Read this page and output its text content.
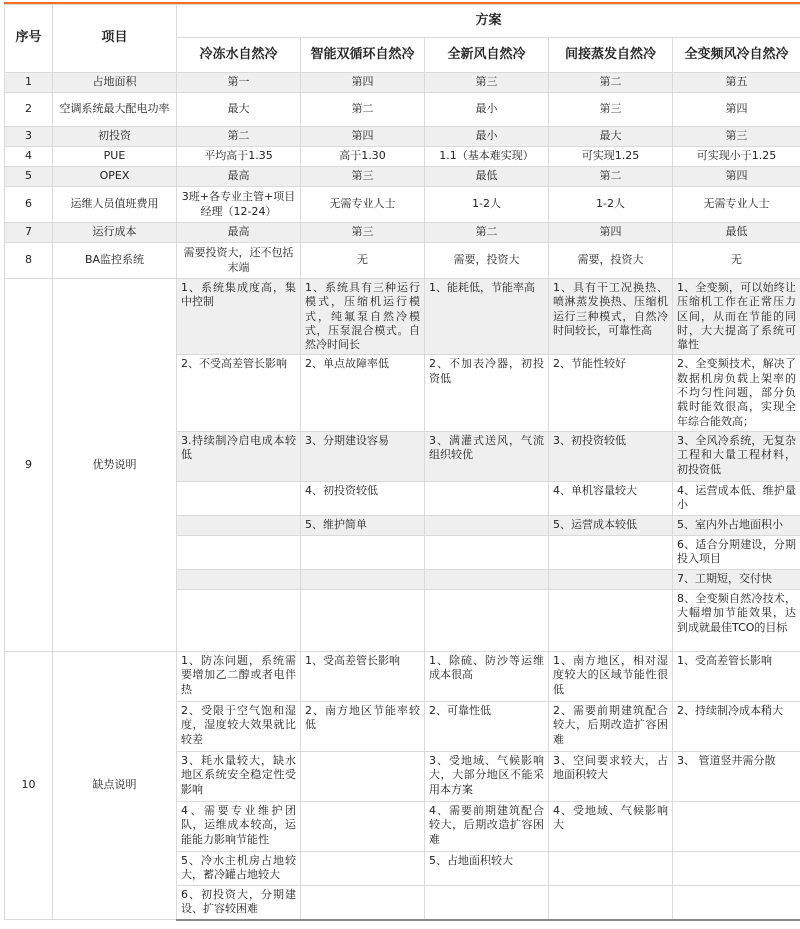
序号	项目	方案				
		冷冻水自然冷	智能双循环自然冷	全新风自然冷	间接蒸发自然冷	全变频风冷自然冷
1	占地面积	第一	第四	第三	第二	第五
2	空调系统最大配电功率	最大	第二	最小	第三	第四
3	初投资	第二	第四	最小	最大	第三
4	PUE	平均高于1.35	高于1.30	1.1（基本难实现）	可实现1.25	可实现小于1.25
5	OPEX	最高	第三	最低	第二	第四
6	运维人员值班费用	3班+各专业主管+项目经理（12-24）	无需专业人士	1-2人	1-2人	无需专业人士
7	运行成本	最高	第三	第二	第四	最低
8	BA监控系统	需要投资大，还不包括末端	无	需要，投资大	需要，投资大	无
9	优势说明	1、系统集成度高，集中控制	1、系统具有三种运行模式，压缩机运行模式，纯氟泵自然冷模式，压泵混合模式。自然冷时间长	1、能耗低，节能率高	1、具有干工况换热、喷淋蒸发换热、压缩机运行三种模式，自然冷时间较长，可靠性高	1、全变频，可以始终让压缩机工作在正常压力区间，从而在节能的同时，大大提高了系统可靠性
		2、不受高差管长影响	2、单点故障率低	2、不加表冷器，初投资低	2、节能性较好	2、全变频技术，解决了数据机房负载上架率的不均匀性问题，部分负载时能效很高，实现全年综合能效高；
		3.持续制冷启电成本较低	3、分期建设容易	3、满灌式送风，气流组织较优	3、初投资较低	3、全风冷系统，无复杂工程和大量工程材料，初投资低
			4、初投资较低		4、单机容量较大	4、运营成本低、维护量小
			5、维护简单		5、运营成本较低	5、室内外占地面积小
						6、适合分期建设，分期投入项目
						7、工期短，交付快
						8、全变频自然冷技术，大幅增加节能效果，达到成就最佳TCO的目标
10	缺点说明	1、防冻问题，系统需要增加乙二醇或者电伴热	1、受高差管长影响	1、除硫、防沙等运维成本很高	1、南方地区，相对湿度较大的区域节能性很低	1、受高差管长影响
		2、受限于空气饱和湿度，湿度较大效果就比较差	2、南方地区节能率较低	2、可靠性低	2、需要前期建筑配合较大，后期改造扩容困难	2、持续制冷成本稍大
		3、耗水量较大，缺水地区系统安全稳定性受影响		3、受地域、气候影响大，大部分地区不能采用本方案	3、空间要求较大，占地面积较大	3、 管道竖井需分散
		4、需要专业维护团队，运维成本较高，运能能力影响节能性		4、需要前期建筑配合较大，后期改造扩容困难	4、受地域、气候影响大	
		5、冷水主机房占地较大，蓄冷罐占地较大		5、占地面积较大		
		6、初投资大，分期建设、扩容较困难				
